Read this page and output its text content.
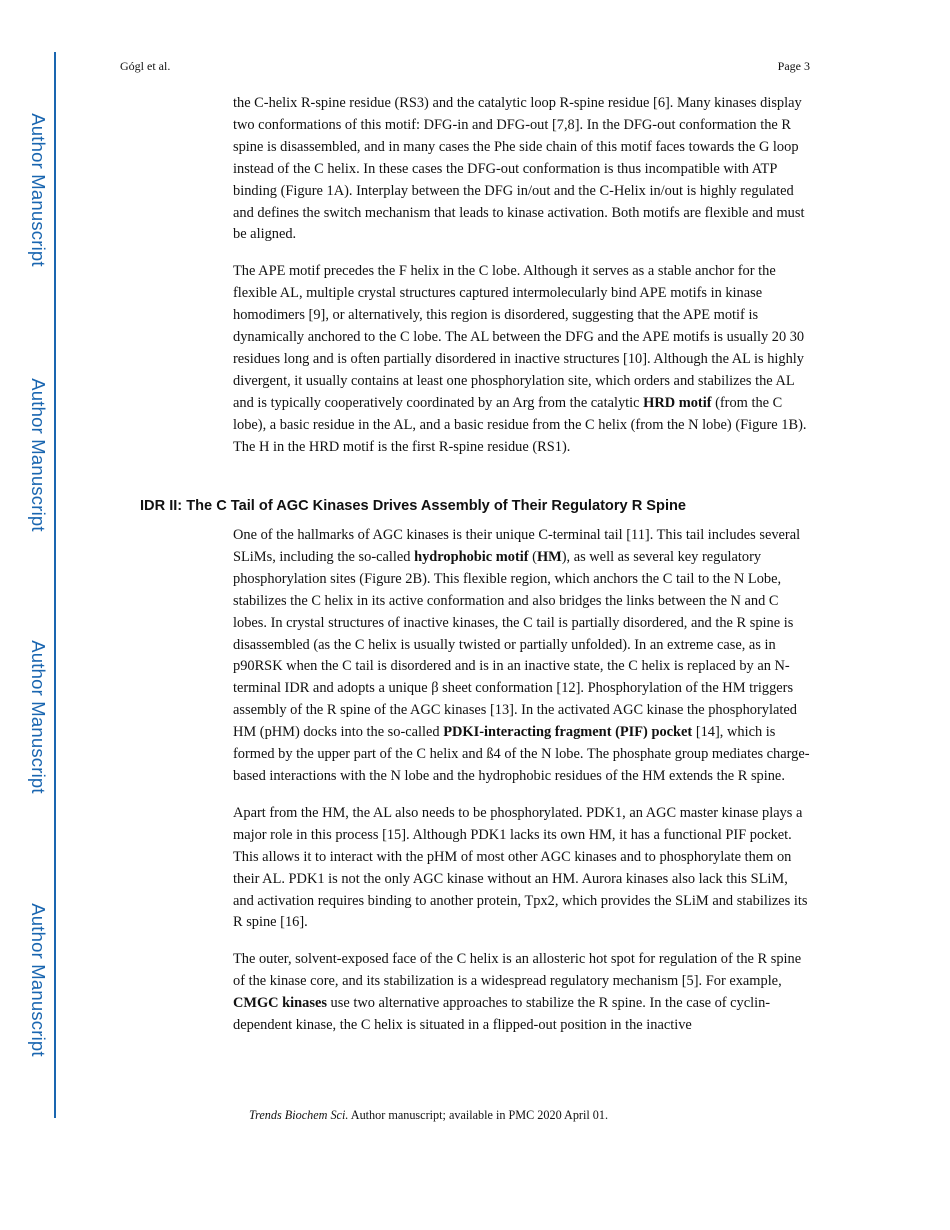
Author Manuscript
Author Manuscript
Author Manuscript
Author Manuscript
Gógl et al.	Page 3

the C-helix R-spine residue (RS3) and the catalytic loop R-spine residue [6]. Many kinases display two conformations of this motif: DFG-in and DFG-out [7,8]. In the DFG-out conformation the R spine is disassembled, and in many cases the Phe side chain of this motif faces towards the G loop instead of the C helix. In these cases the DFG-out conformation is thus incompatible with ATP binding (Figure 1A). Interplay between the DFG in/out and the C-Helix in/out is highly regulated and defines the switch mechanism that leads to kinase activation. Both motifs are flexible and must be aligned.

The APE motif precedes the F helix in the C lobe. Although it serves as a stable anchor for the flexible AL, multiple crystal structures captured intermolecularly bind APE motifs in kinase homodimers [9], or alternatively, this region is disordered, suggesting that the APE motif is dynamically anchored to the C lobe. The AL between the DFG and the APE motifs is usually 20 30 residues long and is often partially disordered in inactive structures [10]. Although the AL is highly divergent, it usually contains at least one phosphorylation site, which orders and stabilizes the AL and is typically cooperatively coordinated by an Arg from the catalytic HRD motif (from the C lobe), a basic residue in the AL, and a basic residue from the C helix (from the N lobe) (Figure 1B). The H in the HRD motif is the first R-spine residue (RS1).

IDR II: The C Tail of AGC Kinases Drives Assembly of Their Regulatory R Spine

One of the hallmarks of AGC kinases is their unique C-terminal tail [11]. This tail includes several SLiMs, including the so-called hydrophobic motif (HM), as well as several key regulatory phosphorylation sites (Figure 2B). This flexible region, which anchors the C tail to the N Lobe, stabilizes the C helix in its active conformation and also bridges the links between the N and C lobes. In crystal structures of inactive kinases, the C tail is partially disordered, and the R spine is disassembled (as the C helix is usually twisted or partially unfolded). In an extreme case, as in p90RSK when the C tail is disordered and is in an inactive state, the C helix is replaced by an N-terminal IDR and adopts a unique β sheet conformation [12]. Phosphorylation of the HM triggers assembly of the R spine of the AGC kinases [13]. In the activated AGC kinase the phosphorylated HM (pHM) docks into the so-called PDKI-interacting fragment (PIF) pocket [14], which is formed by the upper part of the C helix and ß4 of the N lobe. The phosphate group mediates charge-based interactions with the N lobe and the hydrophobic residues of the HM extends the R spine.

Apart from the HM, the AL also needs to be phosphorylated. PDK1, an AGC master kinase plays a major role in this process [15]. Although PDK1 lacks its own HM, it has a functional PIF pocket. This allows it to interact with the pHM of most other AGC kinases and to phosphorylate them on their AL. PDK1 is not the only AGC kinase without an HM. Aurora kinases also lack this SLiM, and activation requires binding to another protein, Tpx2, which provides the SLiM and stabilizes its R spine [16].

The outer, solvent-exposed face of the C helix is an allosteric hot spot for regulation of the R spine of the kinase core, and its stabilization is a widespread regulatory mechanism [5]. For example, CMGC kinases use two alternative approaches to stabilize the R spine. In the case of cyclin-dependent kinase, the C helix is situated in a flipped-out position in the inactive

Trends Biochem Sci. Author manuscript; available in PMC 2020 April 01.
